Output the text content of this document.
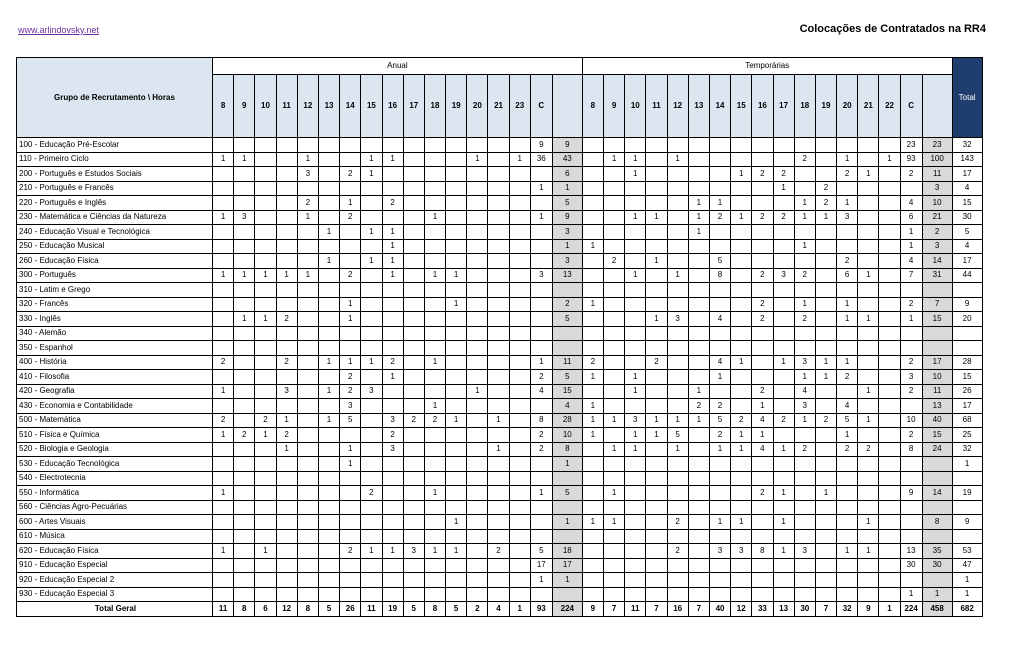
www.arlindovsky.net	Colocações de Contratados na RR4
Grupo de Recrutamento \ Horas	Anual																	Temporárias																	Total
	8	9	10	11	12	13	14	15	16	17	18	19	20	21	23	C		8	9	10	11	12	13	14	15	16	17	18	19	20	21	22	C		
100 - Educação Pré-Escolar																9	9																23	23	32
110 - Primeiro Ciclo	1	1			1			1	1				1		1	36	43		1	1		1						2		1		1	93	100	143
200 - Português e Estudos Sociais					3		2	1									6			1					1	2	2			2	1		2	11	17
210 - Português e Francês																1	1										1		2					3	4
220 - Português e Inglês					2		1		2								5						1	1				1	2	1			4	10	15
230 - Matemática e Ciências da Natureza	1	3			1		2				1					1	9			1	1		1	2	1	2	2	1	1	3			6	21	30
240 - Educação Visual e Tecnológica						1		1	1								3						1										1	2	5
250 - Educação Musical									1								1	1										1					1	3	4
260 - Educação Física						1		1	1								3		2		1			5						2			4	14	17
300 - Português	1	1	1	1	1		2		1		1	1				3	13			1		1		8		2	3	2		6	1		7	31	44
310 - Latim e Grego																																			
320 - Francês							1					1					2	1								2		1		1			2	7	9
330 - Inglês		1	1	2			1										5				1	3		4		2		2		1	1		1	15	20
340 - Alemão																																			
350 - Espanhol																																			
400 - História	2			2		1	1	1	2		1					1	11	2			2			4	1		1	3	1	1			2	17	28
410 - Filosofia							2		1							2	5	1		1				1				1	1	2			3	10	15
420 - Geografia	1			3		1	2	3					1			4	15			1			1			2		4			1		2	11	26
430 - Economia e Contabilidade							3				1						4	1					2	2		1		3		4				13	17
500 - Matemática	2		2	1		1	5		3	2	2	1		1		8	28	1	1	3	1	1	1	5	2	4	2	1	2	5	1		10	40	68
510 - Física e Química	1	2	1	2					2							2	10	1		1	1	5		2	1	1				1			2	15	25
520 - Biologia e Geologia				1			1		3					1		2	8		1	1		1		1	1	4	1	2		2	2		8	24	32
530 - Educação Tecnológica							1										1																		1
540 - Electrotecnia																																			
550 - Informática	1							2			1					1	5		1							2	1		1				9	14	19
560 - Ciências Agro-Pecuárias																																			
600 - Artes Visuais												1					1	1	1			2		1	1		1				1			8	9
610 - Música																																			
620 - Educação Física	1		1				2	1	1	3	1	1		2		5	18					2		3	3	8	1	3		1	1		13	35	53
910 - Educação Especial																17	17																30	30	47
920 - Educação Especial 2																1	1																		1
930 - Educação Especial 3																																	1	1	1
Total Geral	11	8	6	12	8	5	26	11	19	5	8	5	2	4	1	93	224	9	7	11	7	16	7	40	12	33	13	30	7	32	9	1	224	458	682
